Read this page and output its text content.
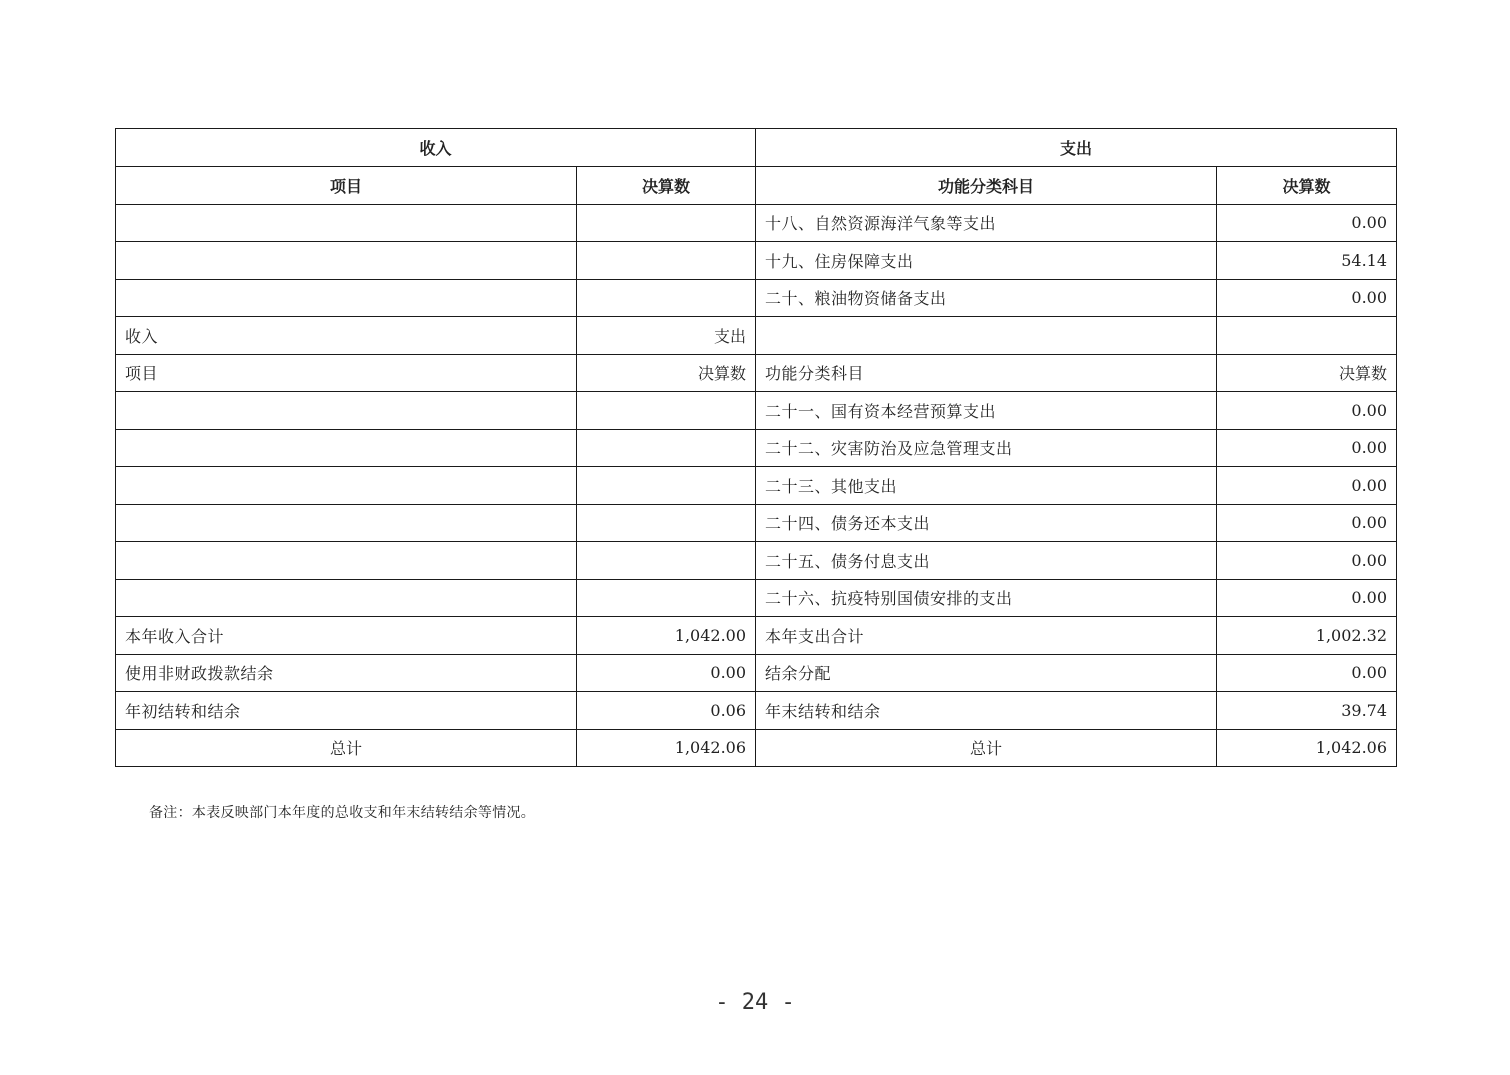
收入		支出	
项目	决算数	功能分类科目	决算数
		十八、自然资源海洋气象等支出	0.00
		十九、住房保障支出	54.14
		二十、粮油物资储备支出	0.00
收入	支出		
项目	决算数	功能分类科目	决算数
		二十一、国有资本经营预算支出	0.00
		二十二、灾害防治及应急管理支出	0.00
		二十三、其他支出	0.00
		二十四、债务还本支出	0.00
		二十五、债务付息支出	0.00
		二十六、抗疫特别国债安排的支出	0.00
本年收入合计	1,042.00	本年支出合计	1,002.32
使用非财政拨款结余	0.00	结余分配	0.00
年初结转和结余	0.06	年末结转和结余	39.74
总计	1,042.06	总计	1,042.06
备注：本表反映部门本年度的总收支和年末结转结余等情况。
- 24 -
